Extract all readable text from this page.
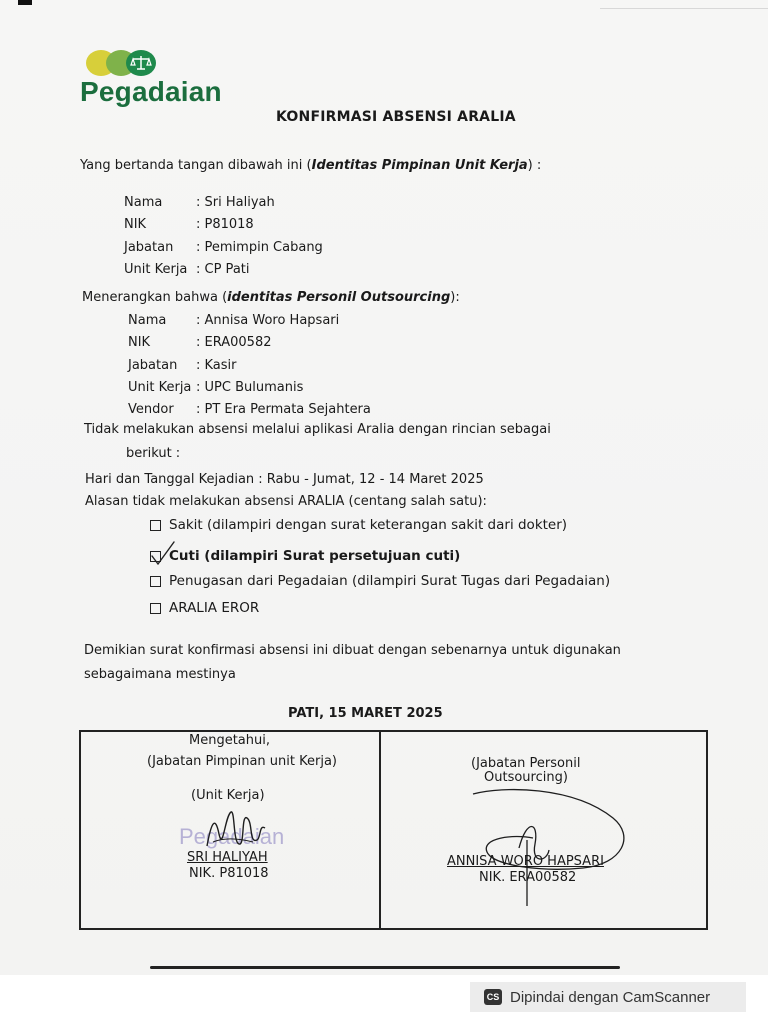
Pegadaian
KONFIRMASI ABSENSI ARALIA
Yang bertanda tangan dibawah ini (Identitas Pimpinan Unit Kerja) :
Nama	: Sri Haliyah
NIK	: P81018
Jabatan : Pemimpin Cabang
Unit Kerja : CP Pati
Menerangkan bahwa (identitas Personil Outsourcing):
Nama : Annisa Woro Hapsari
NIK	: ERA00582
Jabatan : Kasir
Unit Kerja : UPC Bulumanis
Vendor : PT Era Permata Sejahtera
Tidak melakukan absensi melalui aplikasi Aralia dengan rincian sebagai
berikut :
Hari dan Tanggal Kejadian : Rabu - Jumat, 12 - 14 Maret 2025
Alasan tidak melakukan absensi ARALIA (centang salah satu):
Sakit (dilampiri dengan surat keterangan sakit dari dokter)
Cuti (dilampiri Surat persetujuan cuti)
Penugasan dari Pegadaian (dilampiri Surat Tugas dari Pegadaian)
ARALIA EROR
Demikian surat konfirmasi absensi ini dibuat dengan sebenarnya untuk digunakan
sebagaimana mestinya
PATI, 15 MARET 2025
Mengetahui,
(Jabatan Pimpinan unit Kerja)
(Unit Kerja)
Pegadaian
SRI HALIYAH
NIK. P81018
(Jabatan Personil
Outsourcing)
ANNISA WORO HAPSARI
NIK. ERA00582
CS Dipindai dengan CamScanner
